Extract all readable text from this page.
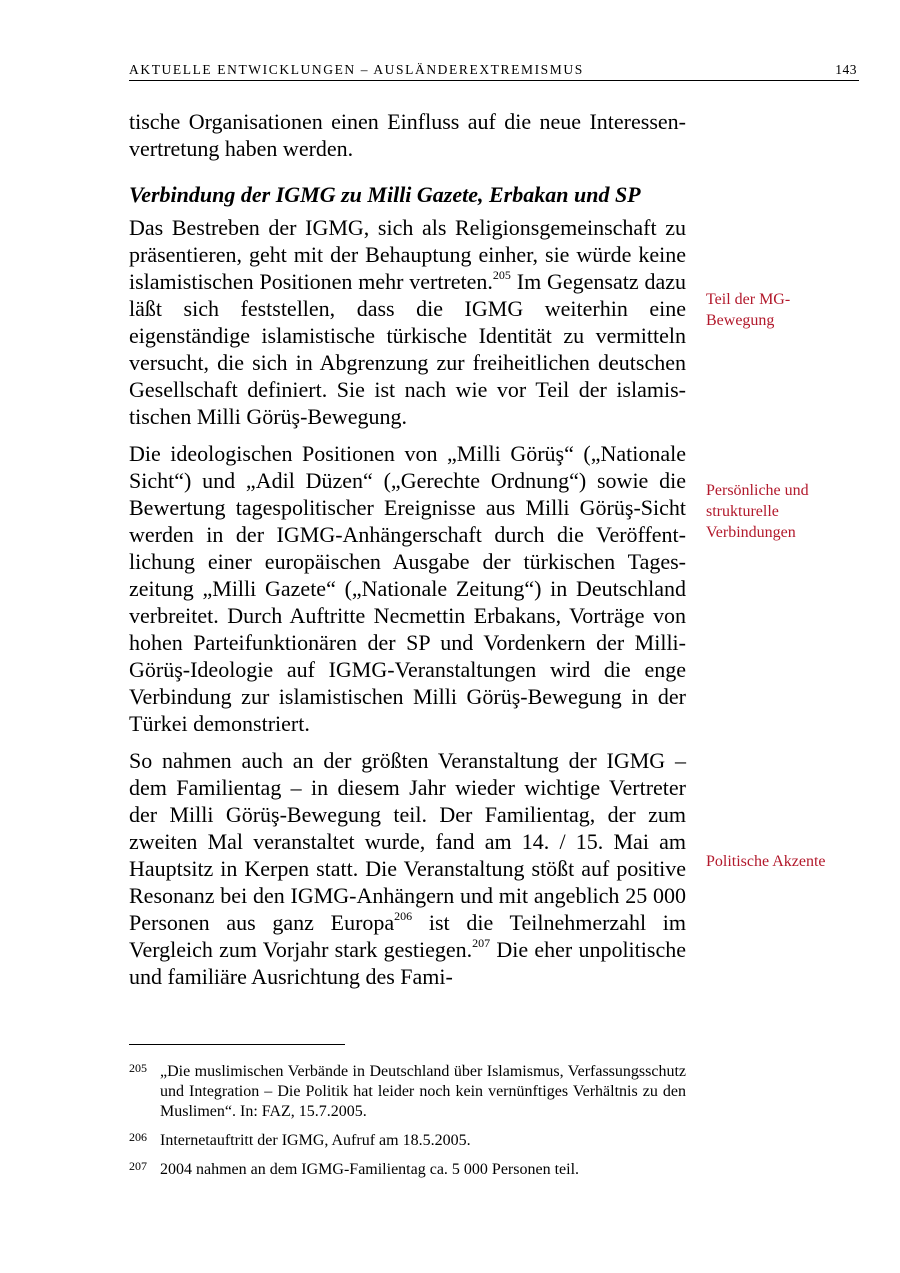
AKTUELLE ENTWICKLUNGEN – AUSLÄNDEREXTREMISMUS	143

tische Organisationen einen Einfluss auf die neue Interessenvertretung haben werden.

Verbindung der IGMG zu Milli Gazete, Erbakan und SP

Das Bestreben der IGMG, sich als Religionsgemeinschaft zu präsentieren, geht mit der Behauptung einher, sie würde keine islamistischen Positionen mehr vertreten.$^{205}$ Im Gegensatz dazu läßt sich feststellen, dass die IGMG weiterhin eine eigenständige islamistische türkische Identität zu vermitteln versucht, die sich in Abgrenzung zur freiheitlichen deutschen Gesellschaft definiert. Sie ist nach wie vor Teil der islamistischen Milli Görüş-Bewegung.

Die ideologischen Positionen von „Milli Görüş“ („Nationale Sicht“) und „Adil Düzen“ („Gerechte Ordnung“) sowie die Bewertung tagespolitischer Ereignisse aus Milli Görüş-Sicht werden in der IGMG-Anhängerschaft durch die Veröffentlichung einer europäischen Ausgabe der türkischen Tageszeitung „Milli Gazete“ („Nationale Zeitung“) in Deutschland verbreitet. Durch Auftritte Necmettin Erbakans, Vorträge von hohen Parteifunktionären der SP und Vordenkern der Milli-Görüş-Ideologie auf IGMG-Veranstaltungen wird die enge Verbindung zur islamistischen Milli Görüş-Bewegung in der Türkei demonstriert.

So nahmen auch an der größten Veranstaltung der IGMG – dem Familientag – in diesem Jahr wieder wichtige Vertreter der Milli Görüş-Bewegung teil. Der Familientag, der zum zweiten Mal veranstaltet wurde, fand am 14. / 15. Mai am Hauptsitz in Kerpen statt. Die Veranstaltung stößt auf positive Resonanz bei den IGMG-Anhängern und mit angeblich 25 000 Personen aus ganz Europa$^{206}$ ist die Teilnehmerzahl im Vergleich zum Vorjahr stark gestiegen.$^{207}$ Die eher unpolitische und familiäre Ausrichtung des Fami-

Teil der MG-Bewegung
Persönliche und strukturelle Verbindungen
Politische Akzente
205 „Die muslimischen Verbände in Deutschland über Islamismus, Verfassungsschutz und Integration – Die Politik hat leider noch kein vernünftiges Verhältnis zu den Muslimen“. In: FAZ, 15.7.2005.
206 Internetauftritt der IGMG, Aufruf am 18.5.2005.
207 2004 nahmen an dem IGMG-Familientag ca. 5 000 Personen teil.
